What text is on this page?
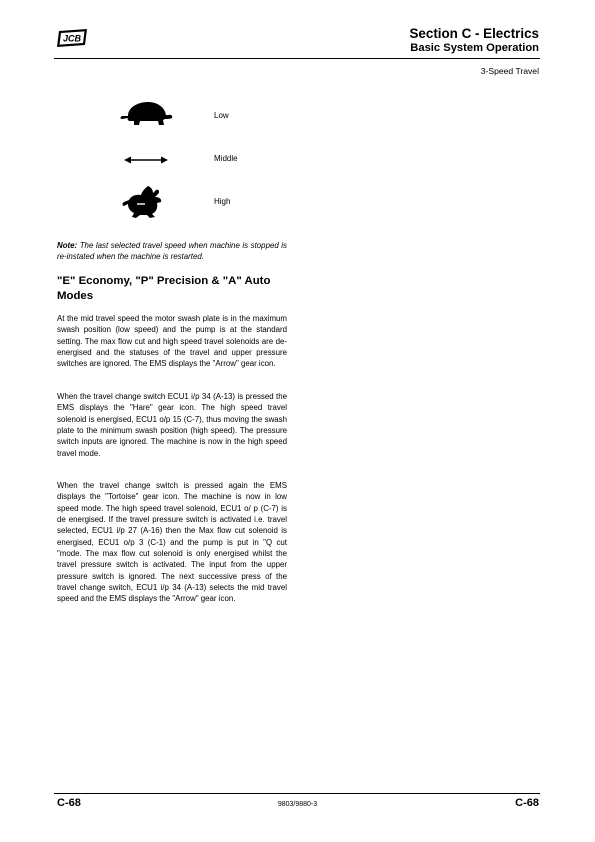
JCB	Section C - Electrics
Basic System Operation
3-Speed Travel
Low
Middle
High
Note: The last selected travel speed when machine is stopped is re-instated when the machine is restarted.
"E" Economy, "P" Precision & "A" Auto Modes
At the mid travel speed the motor swash plate is in the maximum swash position (low speed) and the pump is at the standard setting. The max flow cut and high speed travel solenoids are de-energised and the statuses of the travel and upper pressure switches are ignored. The EMS displays the "Arrow" gear icon.
When the travel change switch ECU1 i/p 34 (A-13) is pressed the EMS displays the "Hare" gear icon. The high speed travel solenoid is energised, ECU1 o/p 15 (C-7), thus moving the swash plate to the minimum swash position (high speed). The pressure switch inputs are ignored. The machine is now in the high speed travel mode.
When the travel change switch is pressed again the EMS displays the "Tortoise" gear icon. The machine is now in low speed mode. The high speed travel solenoid, ECU1 o/ p (C-7) is de energised. If the travel pressure switch is activated i.e. travel selected, ECU1 i/p 27 (A-16) then the Max flow cut solenoid is energised, ECU1 o/p 3 (C-1) and the pump is put in "Q cut "mode. The max flow cut solenoid is only energised whilst the travel pressure switch is activated. The input from the upper pressure switch is ignored. The next successive press of the travel change switch, ECU1 i/p 34 (A-13) selects the mid travel speed and the EMS displays the "Arrow" gear icon.
C-68	9803/9880-3	C-68
